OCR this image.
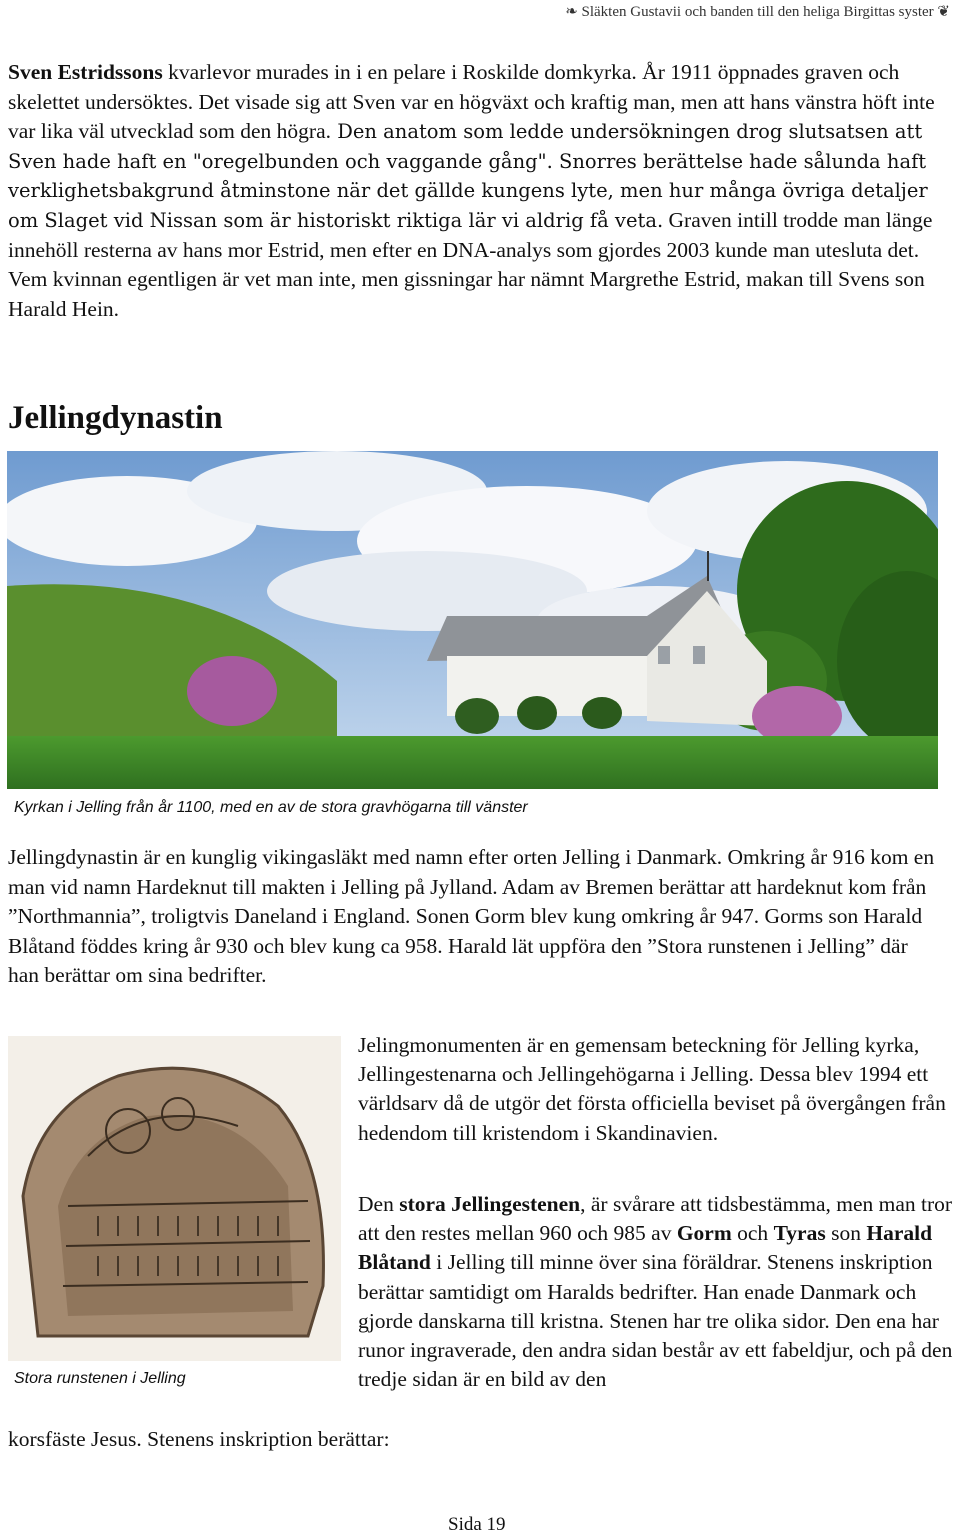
❧ Släkten Gustavii och banden till den heliga Birgittas syster ❦

Sven Estridssons kvarlevor murades in i en pelare i Roskilde domkyrka. År 1911 öppnades graven och skelettet undersöktes. Det visade sig att Sven var en högväxt och kraftig man, men att hans vänstra höft inte var lika väl utvecklad som den högra. Den anatom som ledde undersökningen drog slutsatsen att Sven hade haft en "oregelbunden och vaggande gång". Snorres berättelse hade sålunda haft verklighetsbakgrund åtminstone när det gällde kungens lyte, men hur många övriga detaljer om Slaget vid Nissan som är historiskt riktiga lär vi aldrig få veta. Graven intill trodde man länge innehöll resterna av hans mor Estrid, men efter en DNA-analys som gjordes 2003 kunde man utesluta det. Vem kvinnan egentligen är vet man inte, men gissningar har nämnt Margrethe Estrid, makan till Svens son Harald Hein.

Jellingdynastin
Kyrkan i Jelling från år 1100, med en av de stora gravhögarna till vänster

Jellingdynastin är en kunglig vikingasläkt med namn efter orten Jelling i Danmark. Omkring år 916 kom en man vid namn Hardeknut till makten i Jelling på Jylland. Adam av Bremen berättar att hardeknut kom från ”Northmannia”, troligtvis Daneland i England. Sonen Gorm blev kung omkring år 947. Gorms son Harald Blåtand föddes kring år 930 och blev kung ca 958. Harald lät uppföra den ”Stora runstenen i Jelling” där han berättar om sina bedrifter.

Stora runstenen i Jelling

Jelingmonumenten är en gemensam beteckning för Jelling kyrka, Jellingestenarna och Jellingehögarna i Jelling. Dessa blev 1994 ett världsarv då de utgör det första officiella beviset på övergången från hedendom till kristendom i Skandinavien.

Den stora Jellingestenen, är svårare att tidsbestämma, men man tror att den restes mellan 960 och 985 av Gorm och Tyras son Harald Blåtand i Jelling till minne över sina föräldrar. Stenens inskription berättar samtidigt om Haralds bedrifter. Han enade Danmark och gjorde danskarna till kristna. Stenen har tre olika sidor. Den ena har runor ingraverade, den andra sidan består av ett fabeldjur, och på den tredje sidan är en bild av den

korsfäste Jesus. Stenens inskription berättar:
Sida 19
